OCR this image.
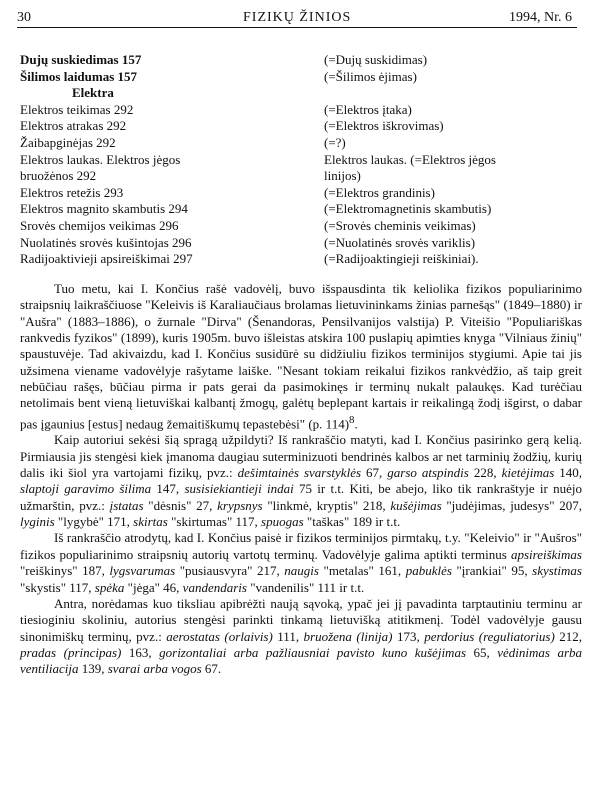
30	FIZIKŲ ŽINIOS	1994, Nr. 6
Dujų suskiedimas 157	(=Dujų suskidimas)
Šilimos laidumas 157	(=Šilimos ėjimas)
Elektra
Elektros teikimas 292	(=Elektros įtaka)
Elektros atrakas 292	(=Elektros iškrovimas)
Žaibapginėjas 292	(=?)
Elektros laukas. Elektros jėgos	Elektros laukas. (=Elektros jėgos
bruožėnos 292	linijos)
Elektros retežis 293	(=Elektros grandinis)
Elektros magnito skambutis 294	(=Elektromagnetinis skambutis)
Srovės chemijos veikimas 296	(=Srovės cheminis veikimas)
Nuolatinės srovės kušintojas 296	(=Nuolatinės srovės variklis)
Radijoaktivieji apsireiškimai 297	(=Radijoaktingieji reiškiniai).

Tuo metu, kai I. Končius rašė vadovėlį, buvo išspausdinta tik keliolika fizikos populiarinimo straipsnių laikraščiuose "Keleivis iš Karaliaučiaus brolamas lietuvininkams žinias parnešąs" (1849–1880) ir "Aušra" (1883–1886), o žurnale "Dirva" (Šenandoras, Pensilvanijos valstija) P. Viteišio "Populiariškas rankvedis fyzikos" (1899), kuris 1905m. buvo išleistas atskira 100 puslapių apimties knyga "Vilniaus žinių" spaustuvėje. Tad akivaizdu, kad I. Končius susidūrė su didžiuliu fizikos terminijos stygiumi. Apie tai jis užsimena viename vadovėlyje rašytame laiške. "Nesant tokiam reikalui fizikos rankvėdžio, aš taip greit nebūčiau rašęs, būčiau pirma ir pats gerai da pasimokinęs ir terminų nukalt palaukęs. Kad turėčiau netolimais bent vieną lietuviškai kalbantį žmogų, galėtų beplepant kartais ir reikalingą žodį išgirst, o dabar pas įgaunius [estus] nedaug žemaitiškumų tepastebėsi" (p. 114)$^8$.

Kaip autoriui sekėsi šią spragą užpildyti? Iš rankraščio matyti, kad I. Končius pasirinko gerą kelią. Pirmiausia jis stengėsi kiek įmanoma daugiau suterminizuoti bendrinės kalbos ar net tarminių žodžių, kurių dalis iki šiol yra vartojami fizikų, pvz.: dešimtainės svarstyklės 67, garso atspindis 228, kietėjimas 140, slaptoji garavimo šilima 147, susisiekiantieji indai 75 ir t.t. Kiti, be abejo, liko tik rankraštyje ir nuėjo užmarštin, pvz.: įstatas "dėsnis" 27, krypsnys "linkmė, kryptis" 218, kušėjimas "judėjimas, judesys" 207, lyginis "lygybė" 171, skirtas "skirtumas" 117, spuogas "taškas" 189 ir t.t.

Iš rankraščio atrodytų, kad I. Končius paisė ir fizikos terminijos pirmtakų, t.y. "Keleivio" ir "Aušros" fizikos populiarinimo straipsnių autorių vartotų terminų. Vadovėlyje galima aptikti terminus apsireiškimas "reiškinys" 187, lygsvarumas "pusiausvyra" 217, naugis "metalas" 161, pabuklės "įrankiai" 95, skystimas "skystis" 117, spėka "jėga" 46, vandendaris "vandenilis" 111 ir t.t.

Antra, norėdamas kuo tiksliau apibrėžti naują sąvoką, ypač jei jį pavadinta tarptautiniu terminu ar tiesioginiu skoliniu, autorius stengėsi parinkti tinkamą lietuvišką atitikmenį. Todėl vadovėlyje gausu sinonimiškų terminų, pvz.: aerostatas (orlaivis) 111, bruožena (linija) 173, perdorius (reguliatorius) 212, pradas (principas) 163, gorizontaliai arba pažliausniai pavisto kuno kušėjimas 65, vėdinimas arba ventiliacija 139, svarai arba vogos 67.
